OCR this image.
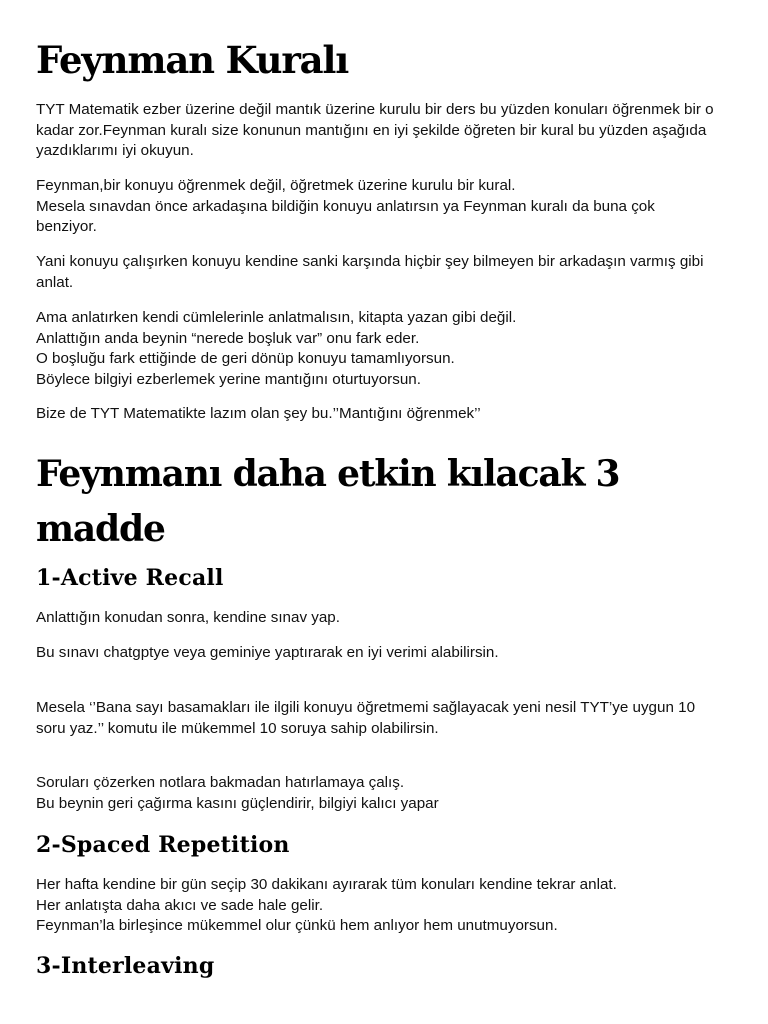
Feynman Kuralı

TYT Matematik ezber üzerine değil mantık üzerine kurulu bir ders bu yüzden konuları öğrenmek bir o
kadar zor.Feynman kuralı size konunun mantığını en iyi şekilde öğreten bir kural bu yüzden aşağıda
yazdıklarımı iyi okuyun.

Feynman,bir konuyu öğrenmek değil, öğretmek üzerine kurulu bir kural.
Mesela sınavdan önce arkadaşına bildiğin konuyu anlatırsın ya Feynman kuralı da buna çok
benziyor.

Yani konuyu çalışırken konuyu kendine sanki karşında hiçbir şey bilmeyen bir arkadaşın varmış gibi
anlat.

Ama anlatırken kendi cümlelerinle anlatmalısın, kitapta yazan gibi değil.
Anlattığın anda beynin “nerede boşluk var” onu fark eder.
O boşluğu fark ettiğinde de geri dönüp konuyu tamamlıyorsun.
Böylece bilgiyi ezberlemek yerine mantığını oturtuyorsun.

Bize de TYT Matematikte lazım olan şey bu.’’Mantığını öğrenmek’’

Feynmanı daha etkin kılacak 3
madde
1-Active Recall

Anlattığın konudan sonra, kendine sınav yap.

Bu sınavı chatgptye veya geminiye yaptırarak en iyi verimi alabilirsin.

Mesela ‘’Bana sayı basamakları ile ilgili konuyu öğretmemi sağlayacak yeni nesil TYT’ye uygun 10
soru yaz.’’ komutu ile mükemmel 10 soruya sahip olabilirsin.

Soruları çözerken notlara bakmadan hatırlamaya çalış.
Bu beynin geri çağırma kasını güçlendirir, bilgiyi kalıcı yapar

2-Spaced Repetition

Her hafta kendine bir gün seçip 30 dakikanı ayırarak tüm konuları kendine tekrar anlat.
Her anlatışta daha akıcı ve sade hale gelir.
Feynman’la birleşince mükemmel olur çünkü hem anlıyor hem unutmuyorsun.

3-Interleaving
